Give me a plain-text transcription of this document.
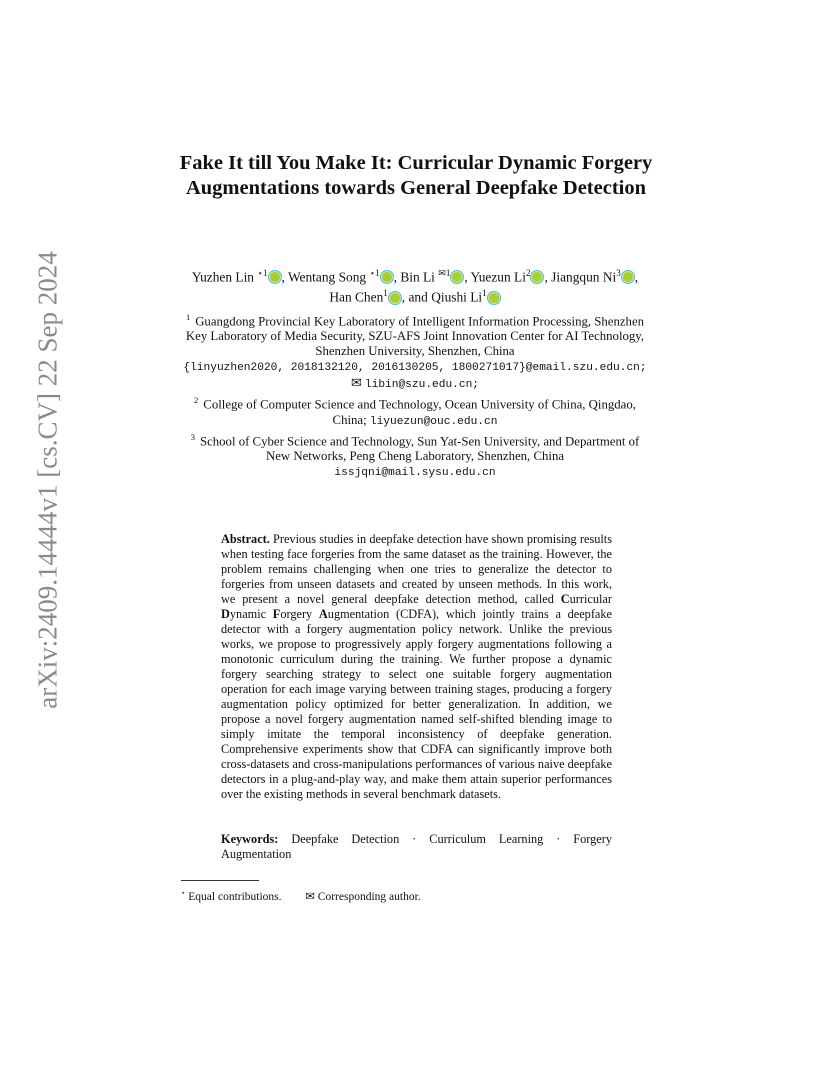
arXiv:2409.14444v1 [cs.CV] 22 Sep 2024
Fake It till You Make It: Curricular Dynamic Forgery Augmentations towards General Deepfake Detection
Yuzhen Lin $^{⋆1}$ , Wentang Song $^{⋆1}$ , Bin Li $^{✉1}$ , Yuezun Li$^2$ , Jiangqun Ni$^3$ ,
Han Chen$^1$ , and Qiushi Li$^1$

$^1$ Guangdong Provincial Key Laboratory of Intelligent Information Processing, Shenzhen Key Laboratory of Media Security, SZU-AFS Joint Innovation Center for AI Technology, Shenzhen University, Shenzhen, China
{linyuzhen2020, 2018132120, 2016130205, 1800271017}@email.szu.edu.cn;
✉ libin@szu.edu.cn;

$^2$ College of Computer Science and Technology, Ocean University of China, Qingdao, China; liyuezun@ouc.edu.cn

$^3$ School of Cyber Science and Technology, Sun Yat-Sen University, and Department of New Networks, Peng Cheng Laboratory, Shenzhen, China
issjqni@mail.sysu.edu.cn

Abstract. Previous studies in deepfake detection have shown promising results when testing face forgeries from the same dataset as the training. However, the problem remains challenging when one tries to generalize the detector to forgeries from unseen datasets and created by unseen methods. In this work, we present a novel general deepfake detection method, called Curricular Dynamic Forgery Augmentation (CDFA), which jointly trains a deepfake detector with a forgery augmentation policy network. Unlike the previous works, we propose to progressively apply forgery augmentations following a monotonic curriculum during the training. We further propose a dynamic forgery searching strategy to select one suitable forgery augmentation operation for each image varying between training stages, producing a forgery augmentation policy optimized for better generalization. In addition, we propose a novel forgery augmentation named self-shifted blending image to simply imitate the temporal inconsistency of deepfake generation. Comprehensive experiments show that CDFA can significantly improve both cross-datasets and cross-manipulations performances of various naive deepfake detectors in a plug-and-play way, and make them attain superior performances over the existing methods in several benchmark datasets.
Keywords: Deepfake Detection · Curriculum Learning · Forgery Augmentation
⋆ Equal contributions. ✉ Corresponding author.
